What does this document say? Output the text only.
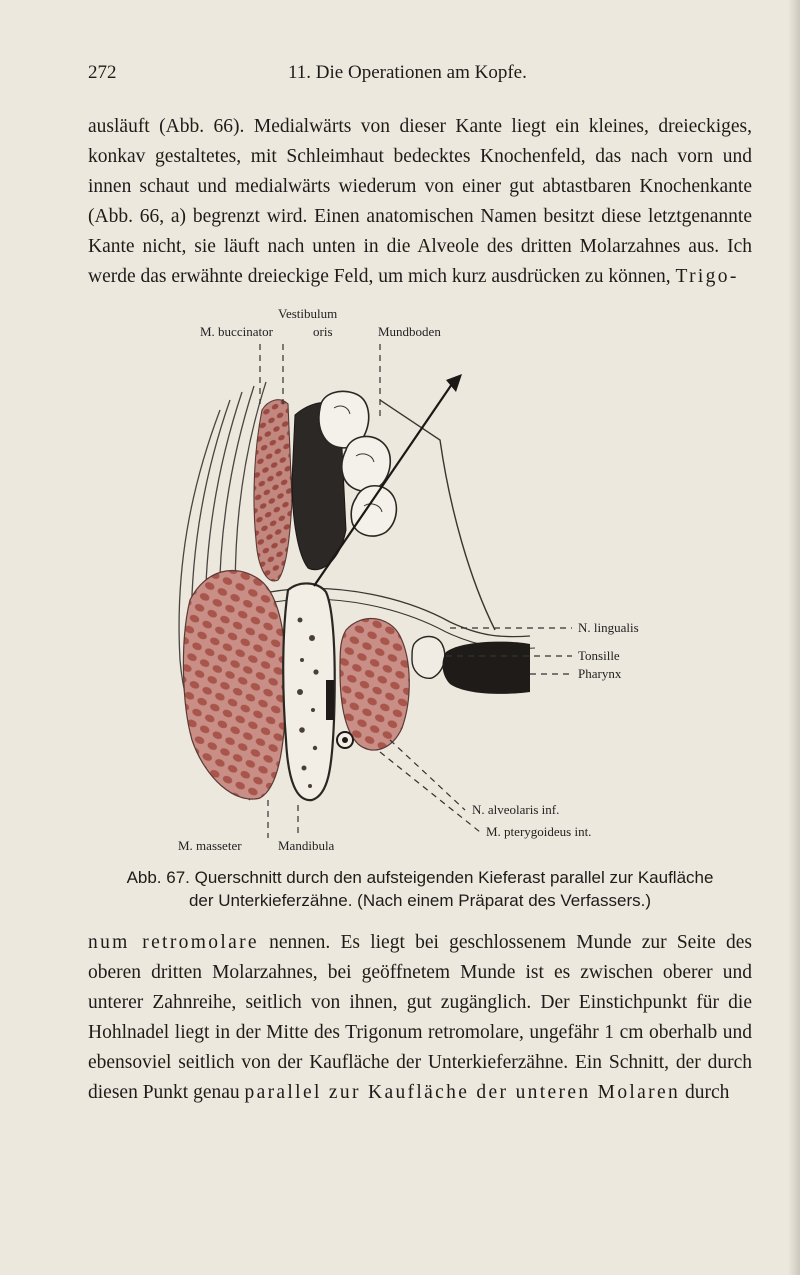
272	11. Die Operationen am Kopfe.

ausläuft (Abb. 66). Medialwärts von dieser Kante liegt ein kleines, dreieckiges, konkav gestaltetes, mit Schleimhaut bedecktes Knochenfeld, das nach vorn und innen schaut und medialwärts wiederum von einer gut abtastbaren Knochenkante (Abb. 66, a) begrenzt wird. Einen anatomischen Namen besitzt diese letztgenannte Kante nicht, sie läuft nach unten in die Alveole des dritten Molarzahnes aus. Ich werde das erwähnte dreieckige Feld, um mich kurz ausdrücken zu können, Trigo-

Vestibulum
M. buccinator	oris	Mundboden
N. lingualis
Tonsille
Pharynx
N. alveolaris inf.
M. pterygoideus int.
M. masseter	Mandibula
Abb. 67. Querschnitt durch den aufsteigenden Kieferast parallel zur Kaufläche der Unterkieferzähne. (Nach einem Präparat des Verfassers.)

num retromolare nennen. Es liegt bei geschlossenem Munde zur Seite des oberen dritten Molarzahnes, bei geöffnetem Munde ist es zwischen oberer und unterer Zahnreihe, seitlich von ihnen, gut zugänglich. Der Einstichpunkt für die Hohlnadel liegt in der Mitte des Trigonum retromolare, ungefähr 1 cm oberhalb und ebensoviel seitlich von der Kaufläche der Unterkieferzähne. Ein Schnitt, der durch diesen Punkt genau parallel zur Kaufläche der unteren Molaren durch
